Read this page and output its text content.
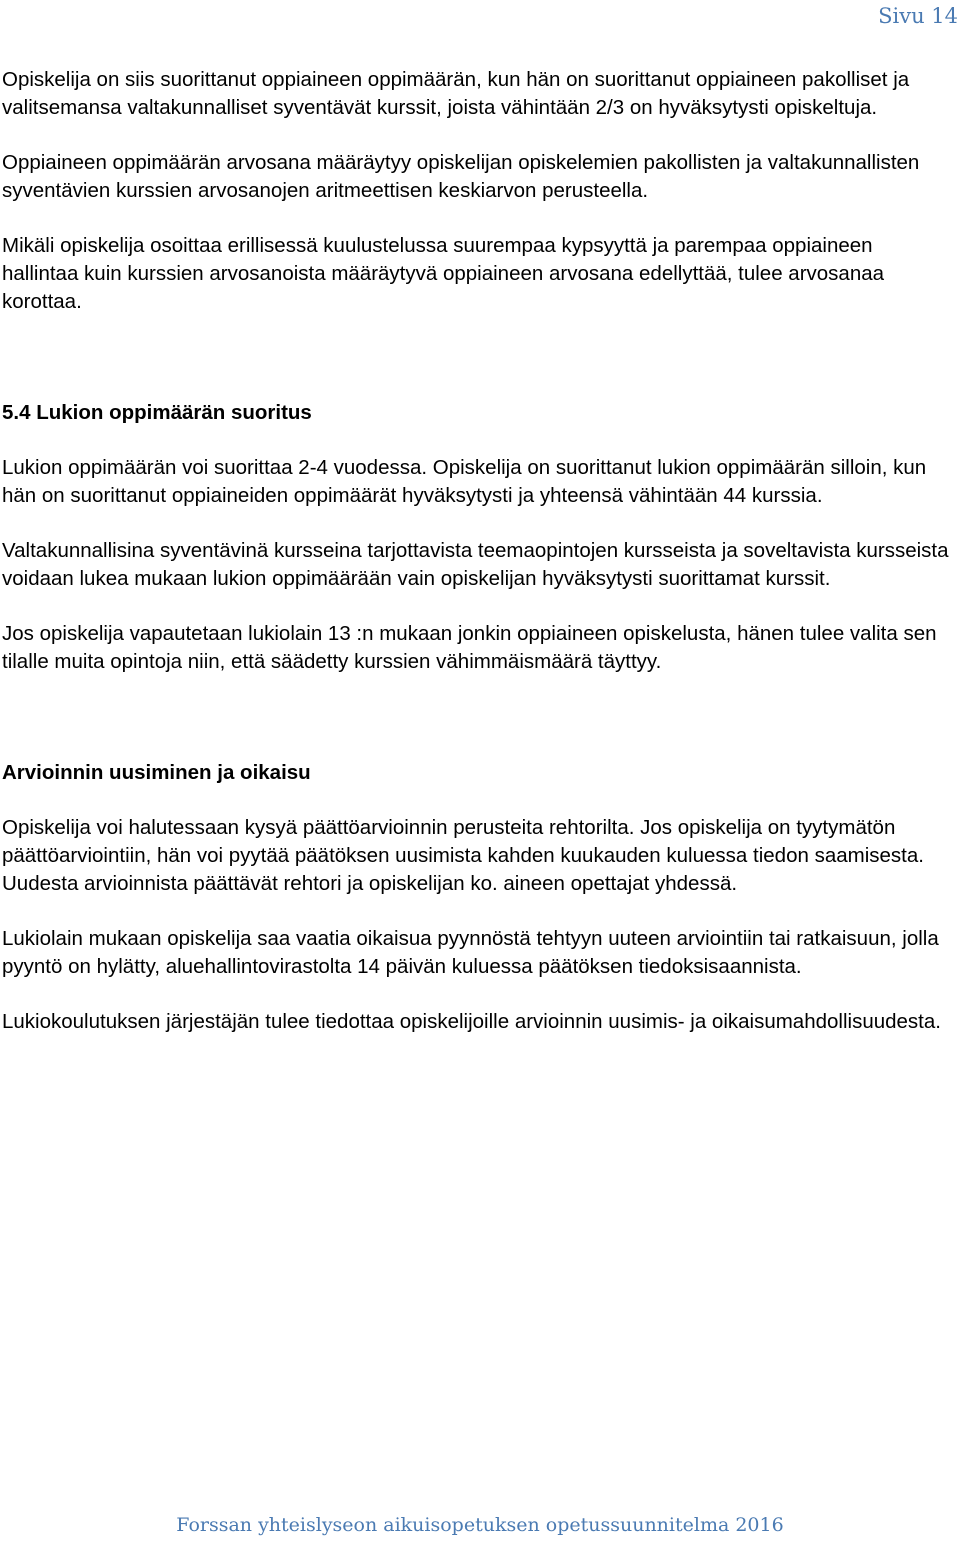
Sivu 14

Opiskelija on siis suorittanut oppiaineen oppimäärän, kun hän on suorittanut oppiaineen pakolliset ja valitsemansa valtakunnalliset syventävät kurssit, joista vähintään 2/3 on hyväksytysti opiskeltuja.

Oppiaineen oppimäärän arvosana määräytyy opiskelijan opiskelemien pakollisten ja valtakunnallisten syventävien kurssien arvosanojen aritmeettisen keskiarvon perusteella.

Mikäli opiskelija osoittaa erillisessä kuulustelussa suurempaa kypsyyttä ja parempaa oppiaineen hallintaa kuin kurssien arvosanoista määräytyvä oppiaineen arvosana edellyttää, tulee arvosanaa korottaa.

5.4 Lukion oppimäärän suoritus

Lukion oppimäärän voi suorittaa 2-4 vuodessa. Opiskelija on suorittanut lukion oppimäärän silloin, kun hän on suorittanut oppiaineiden oppimäärät hyväksytysti ja yhteensä vähintään 44 kurssia.

Valtakunnallisina syventävinä kursseina tarjottavista teemaopintojen kursseista ja soveltavista kursseista voidaan lukea mukaan lukion oppimäärään vain opiskelijan hyväksytysti suorittamat kurssit.

Jos opiskelija vapautetaan lukiolain 13 :n mukaan jonkin oppiaineen opiskelusta, hänen tulee valita sen tilalle muita opintoja niin, että säädetty kurssien vähimmäismäärä täyttyy.

Arvioinnin uusiminen ja oikaisu

Opiskelija voi halutessaan kysyä päättöarvioinnin perusteita rehtorilta. Jos opiskelija on tyytymätön päättöarviointiin, hän voi pyytää päätöksen uusimista kahden kuukauden kuluessa tiedon saamisesta. Uudesta arvioinnista päättävät rehtori ja opiskelijan ko. aineen opettajat yhdessä.

Lukiolain mukaan opiskelija saa vaatia oikaisua pyynnöstä tehtyyn uuteen arviointiin tai ratkaisuun, jolla pyyntö on hylätty, aluehallintovirastolta 14 päivän kuluessa päätöksen tiedoksisaannista.

Lukiokoulutuksen järjestäjän tulee tiedottaa opiskelijoille arvioinnin uusimis- ja oikaisumahdollisuudesta.

Forssan yhteislyseon aikuisopetuksen opetussuunnitelma 2016
